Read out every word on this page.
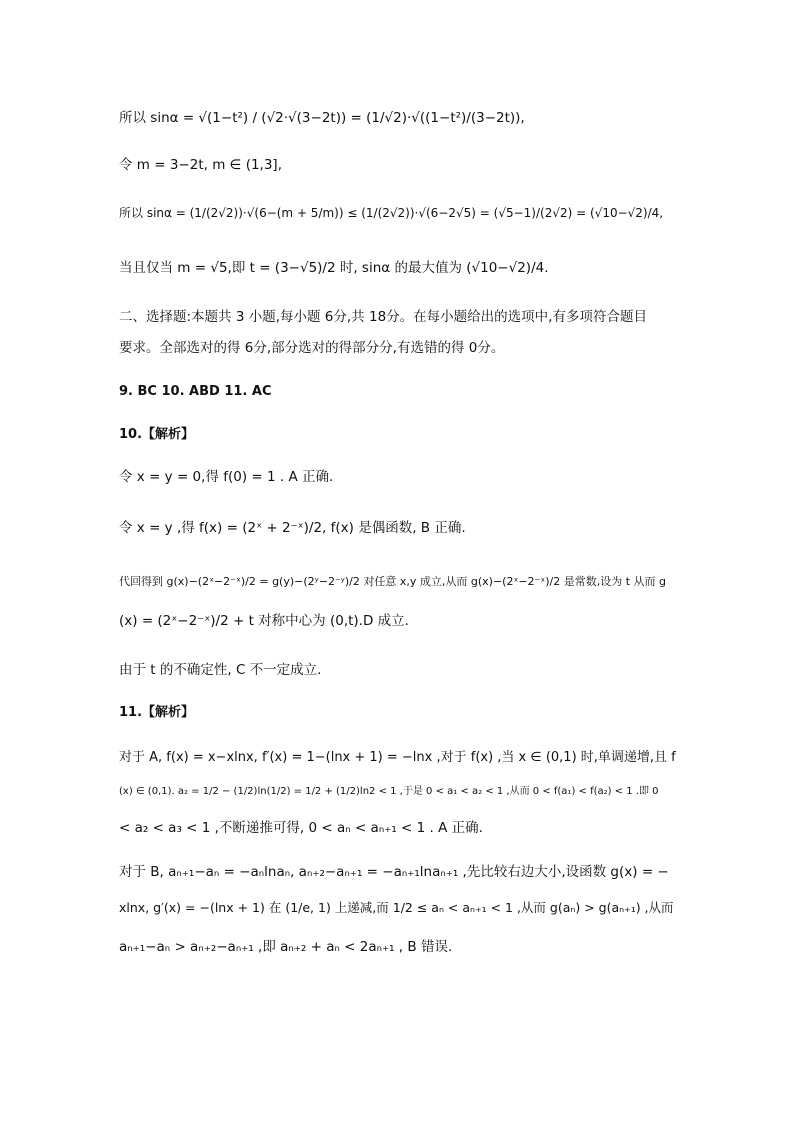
所以 sinα = √(1−t²) / (√2·√(3−2t)) = (1/√2)·√((1−t²)/(3−2t)),
令 m = 3−2t, m ∈ (1,3],
所以 sinα = (1/(2√2))·√(6−(m + 5/m)) ≤ (1/(2√2))·√(6−2√5) = (√5−1)/(2√2) = (√10−√2)/4,
当且仅当 m = √5,即 t = (3−√5)/2 时, sinα 的最大值为 (√10−√2)/4.
二、选择题:本题共 3 小题,每小题 6分,共 18分。在每小题给出的选项中,有多项符合题目
要求。全部选对的得 6分,部分选对的得部分分,有选错的得 0分。
9. BC 10. ABD 11. AC
10.【解析】
令 x = y = 0,得 f(0) = 1 . A 正确.
令 x = y ,得 f(x) = (2ˣ + 2⁻ˣ)/2, f(x) 是偶函数, B 正确.
代回得到 g(x)−(2ˣ−2⁻ˣ)/2 = g(y)−(2ʸ−2⁻ʸ)/2 对任意 x,y 成立,从而 g(x)−(2ˣ−2⁻ˣ)/2 是常数,设为 t 从而 g
(x) = (2ˣ−2⁻ˣ)/2 + t 对称中心为 (0,t).D 成立.
由于 t 的不确定性, C 不一定成立.
11.【解析】
对于 A, f(x) = x−xlnx, f′(x) = 1−(lnx + 1) = −lnx ,对于 f(x) ,当 x ∈ (0,1) 时,单调递增,且 f
(x) ∈ (0,1). a₂ = 1/2 − (1/2)ln(1/2) = 1/2 + (1/2)ln2 < 1 ,于是 0 < a₁ < a₂ < 1 ,从而 0 < f(a₁) < f(a₂) < 1 .即 0
< a₂ < a₃ < 1 ,不断递推可得, 0 < aₙ < aₙ₊₁ < 1 . A 正确.
对于 B, aₙ₊₁−aₙ = −aₙlnaₙ, aₙ₊₂−aₙ₊₁ = −aₙ₊₁lnaₙ₊₁ ,先比较右边大小,设函数 g(x) = −
xlnx, g′(x) = −(lnx + 1) 在 (1/e, 1) 上递减,而 1/2 ≤ aₙ < aₙ₊₁ < 1 ,从而 g(aₙ) > g(aₙ₊₁) ,从而
aₙ₊₁−aₙ > aₙ₊₂−aₙ₊₁ ,即 aₙ₊₂ + aₙ < 2aₙ₊₁ , B 错误.
